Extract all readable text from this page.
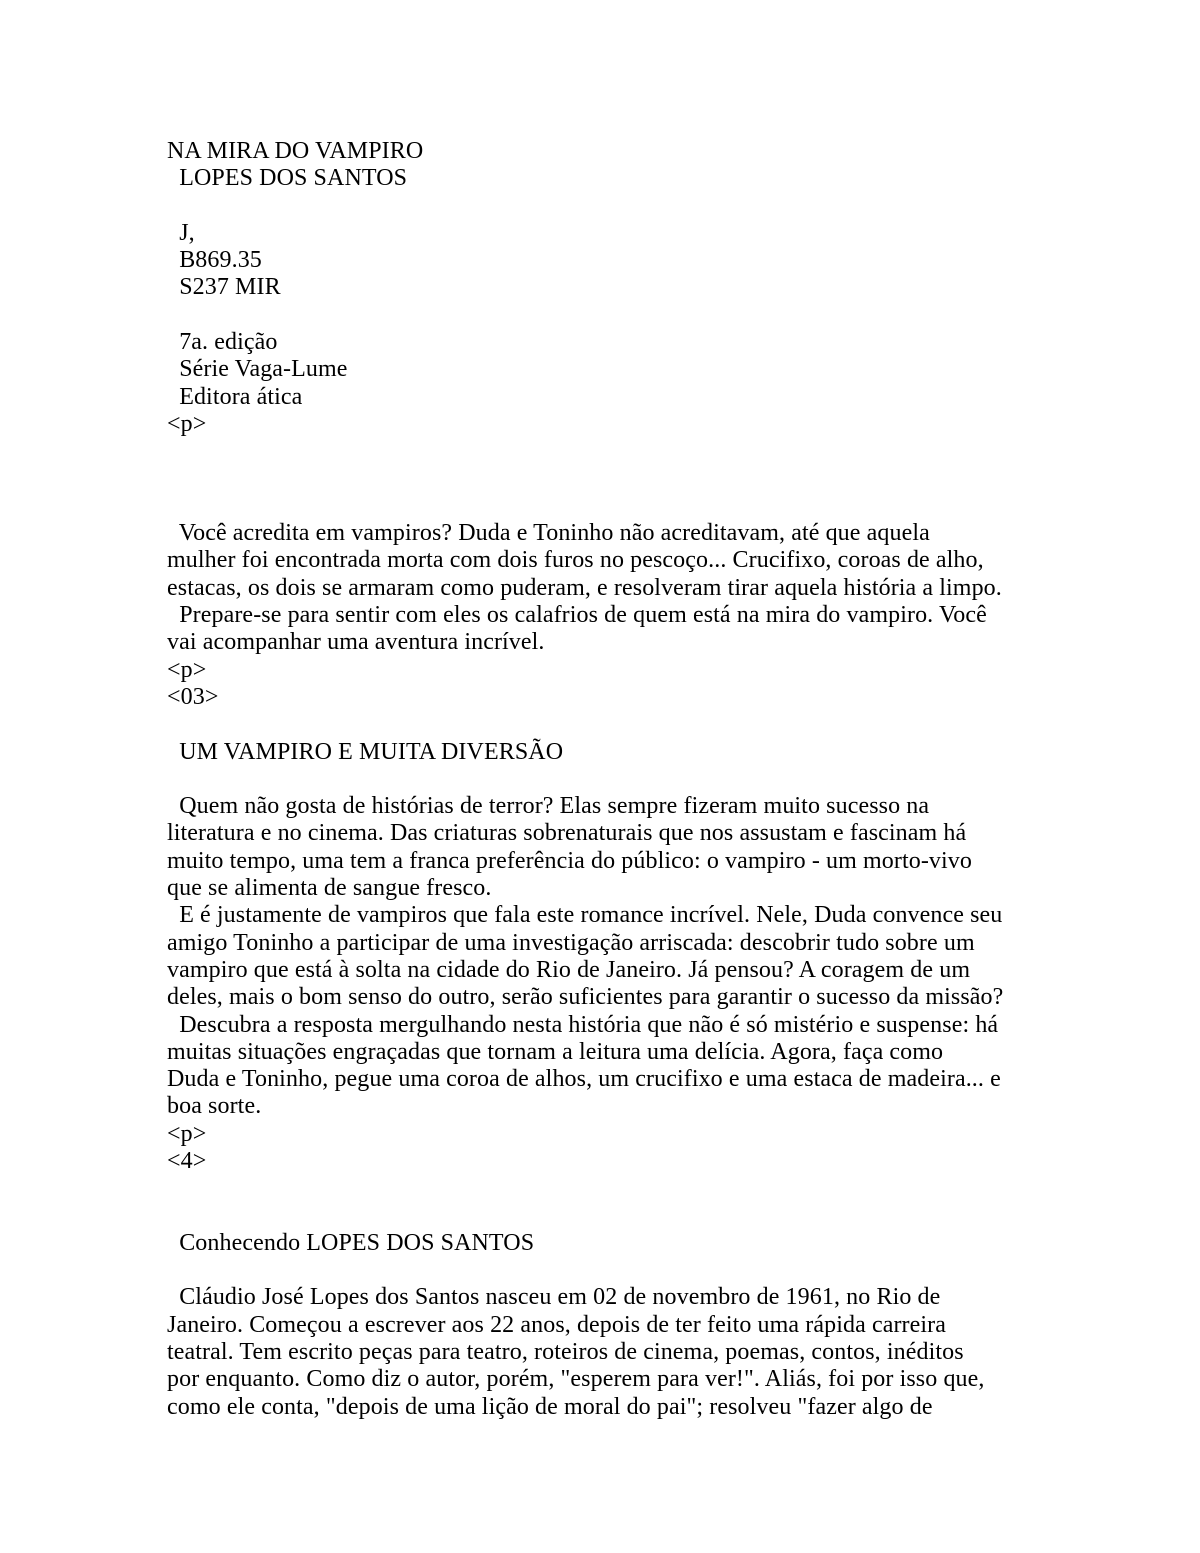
NA MIRA DO VAMPIRO
LOPES DOS SANTOS

J,
B869.35
S237 MIR

7a. edição
Série Vaga-Lume
Editora ática
<p>

Você acredita em vampiros? Duda e Toninho não acreditavam, até que aquela
mulher foi encontrada morta com dois furos no pescoço... Crucifixo, coroas de alho,
estacas, os dois se armaram como puderam, e resolveram tirar aquela história a limpo.
Prepare-se para sentir com eles os calafrios de quem está na mira do vampiro. Você
vai acompanhar uma aventura incrível.
<p>
<03>

UM VAMPIRO E MUITA DIVERSÃO

Quem não gosta de histórias de terror? Elas sempre fizeram muito sucesso na
literatura e no cinema. Das criaturas sobrenaturais que nos assustam e fascinam há
muito tempo, uma tem a franca preferência do público: o vampiro - um morto-vivo
que se alimenta de sangue fresco.
E é justamente de vampiros que fala este romance incrível. Nele, Duda convence seu
amigo Toninho a participar de uma investigação arriscada: descobrir tudo sobre um
vampiro que está à solta na cidade do Rio de Janeiro. Já pensou? A coragem de um
deles, mais o bom senso do outro, serão suficientes para garantir o sucesso da missão?
Descubra a resposta mergulhando nesta história que não é só mistério e suspense: há
muitas situações engraçadas que tornam a leitura uma delícia. Agora, faça como
Duda e Toninho, pegue uma coroa de alhos, um crucifixo e uma estaca de madeira... e
boa sorte.
<p>
<4>

Conhecendo LOPES DOS SANTOS

Cláudio José Lopes dos Santos nasceu em 02 de novembro de 1961, no Rio de
Janeiro. Começou a escrever aos 22 anos, depois de ter feito uma rápida carreira
teatral. Tem escrito peças para teatro, roteiros de cinema, poemas, contos, inéditos
por enquanto. Como diz o autor, porém, "esperem para ver!". Aliás, foi por isso que,
como ele conta, "depois de uma lição de moral do pai"; resolveu "fazer algo de
